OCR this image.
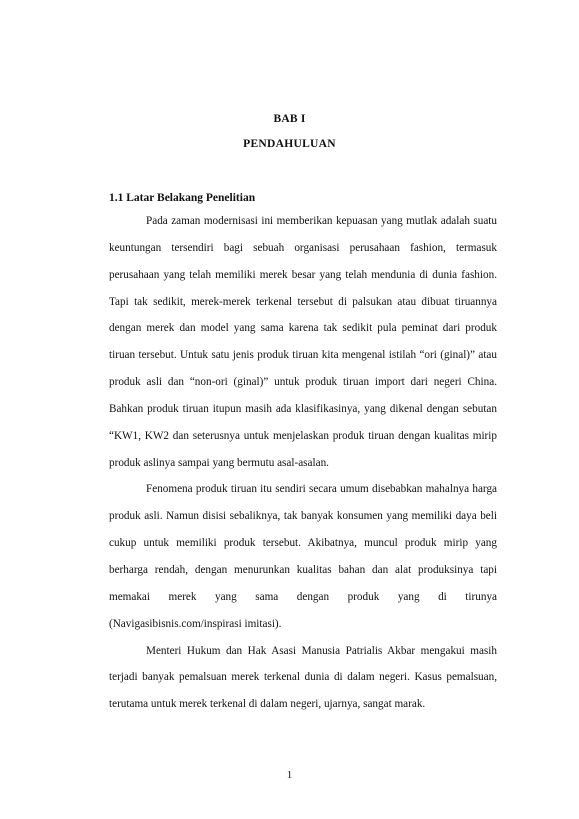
BAB I
PENDAHULUAN
1.1 Latar Belakang Penelitian

Pada zaman modernisasi ini memberikan kepuasan yang mutlak adalah suatu keuntungan tersendiri bagi sebuah organisasi perusahaan fashion, termasuk perusahaan yang telah memiliki merek besar yang telah mendunia di dunia fashion. Tapi tak sedikit, merek-merek terkenal tersebut di palsukan atau dibuat tiruannya dengan merek dan model yang sama karena tak sedikit pula peminat dari produk tiruan tersebut. Untuk satu jenis produk tiruan kita mengenal istilah “ori (ginal)” atau produk asli dan “non-ori (ginal)” untuk produk tiruan import dari negeri China. Bahkan produk tiruan itupun masih ada klasifikasinya, yang dikenal dengan sebutan “KW1, KW2 dan seterusnya untuk menjelaskan produk tiruan dengan kualitas mirip produk aslinya sampai yang bermutu asal-asalan.

Fenomena produk tiruan itu sendiri secara umum disebabkan mahalnya harga produk asli. Namun disisi sebaliknya, tak banyak konsumen yang memiliki daya beli cukup untuk memiliki produk tersebut. Akibatnya, muncul produk mirip yang berharga rendah, dengan menurunkan kualitas bahan dan alat produksinya tapi memakai merek yang sama dengan produk yang di tirunya (Navigasibisnis.com/inspirasi imitasi).

Menteri Hukum dan Hak Asasi Manusia Patrialis Akbar mengakui masih terjadi banyak pemalsuan merek terkenal dunia di dalam negeri. Kasus pemalsuan, terutama untuk merek terkenal di dalam negeri, ujarnya, sangat marak.

1
